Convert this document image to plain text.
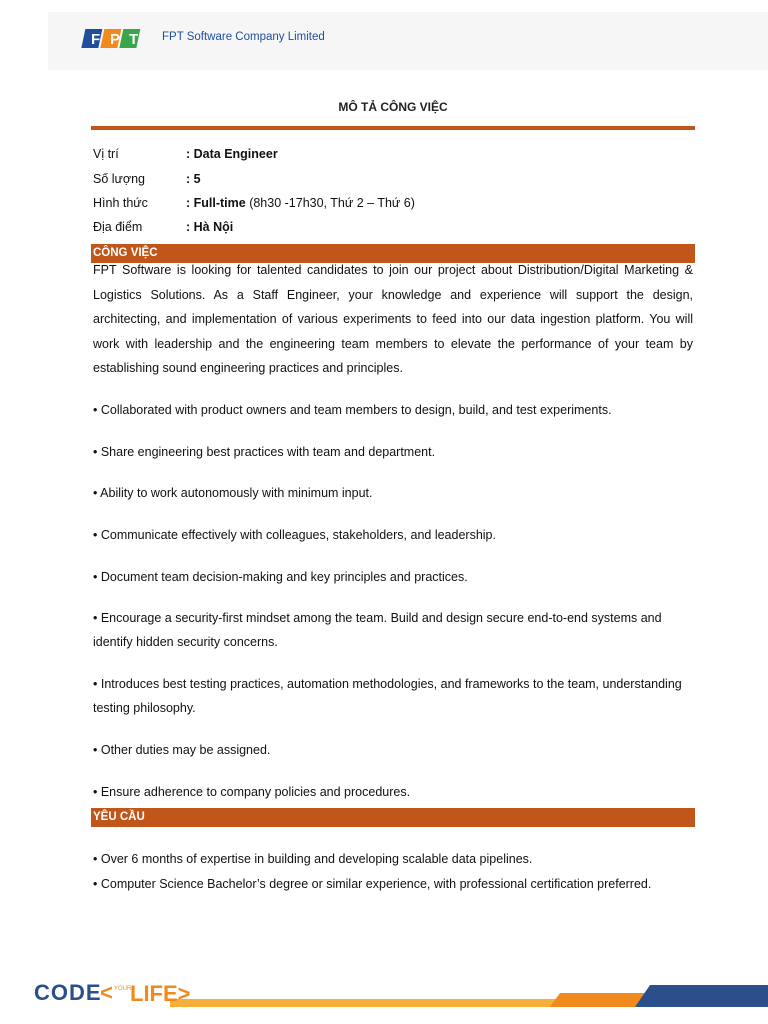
F P T FPT Software Company Limited
MÔ TẢ CÔNG VIỆC
Vị trí	: Data Engineer
Số lượng	: 5
Hình thức	: Full-time (8h30 -17h30, Thứ 2 – Thứ 6)
Địa điểm	: Hà Nội
CÔNG VIỆC
FPT Software is looking for talented candidates to join our project about Distribution/Digital Marketing & Logistics Solutions. As a Staff Engineer, your knowledge and experience will support the design, architecting, and implementation of various experiments to feed into our data ingestion platform. You will work with leadership and the engineering team members to elevate the performance of your team by establishing sound engineering practices and principles.
• Collaborated with product owners and team members to design, build, and test experiments.
• Share engineering best practices with team and department.
• Ability to work autonomously with minimum input.
• Communicate effectively with colleagues, stakeholders, and leadership.
• Document team decision-making and key principles and practices.
• Encourage a security-first mindset among the team. Build and design secure end-to-end systems and identify hidden security concerns.
• Introduces best testing practices, automation methodologies, and frameworks to the team, understanding testing philosophy.
• Other duties may be assigned.
• Ensure adherence to company policies and procedures.
YÊU CẦU
• Over 6 months of expertise in building and developing scalable data pipelines.
• Computer Science Bachelor’s degree or similar experience, with professional certification preferred.
CODE
< YOUR
LIFE>
